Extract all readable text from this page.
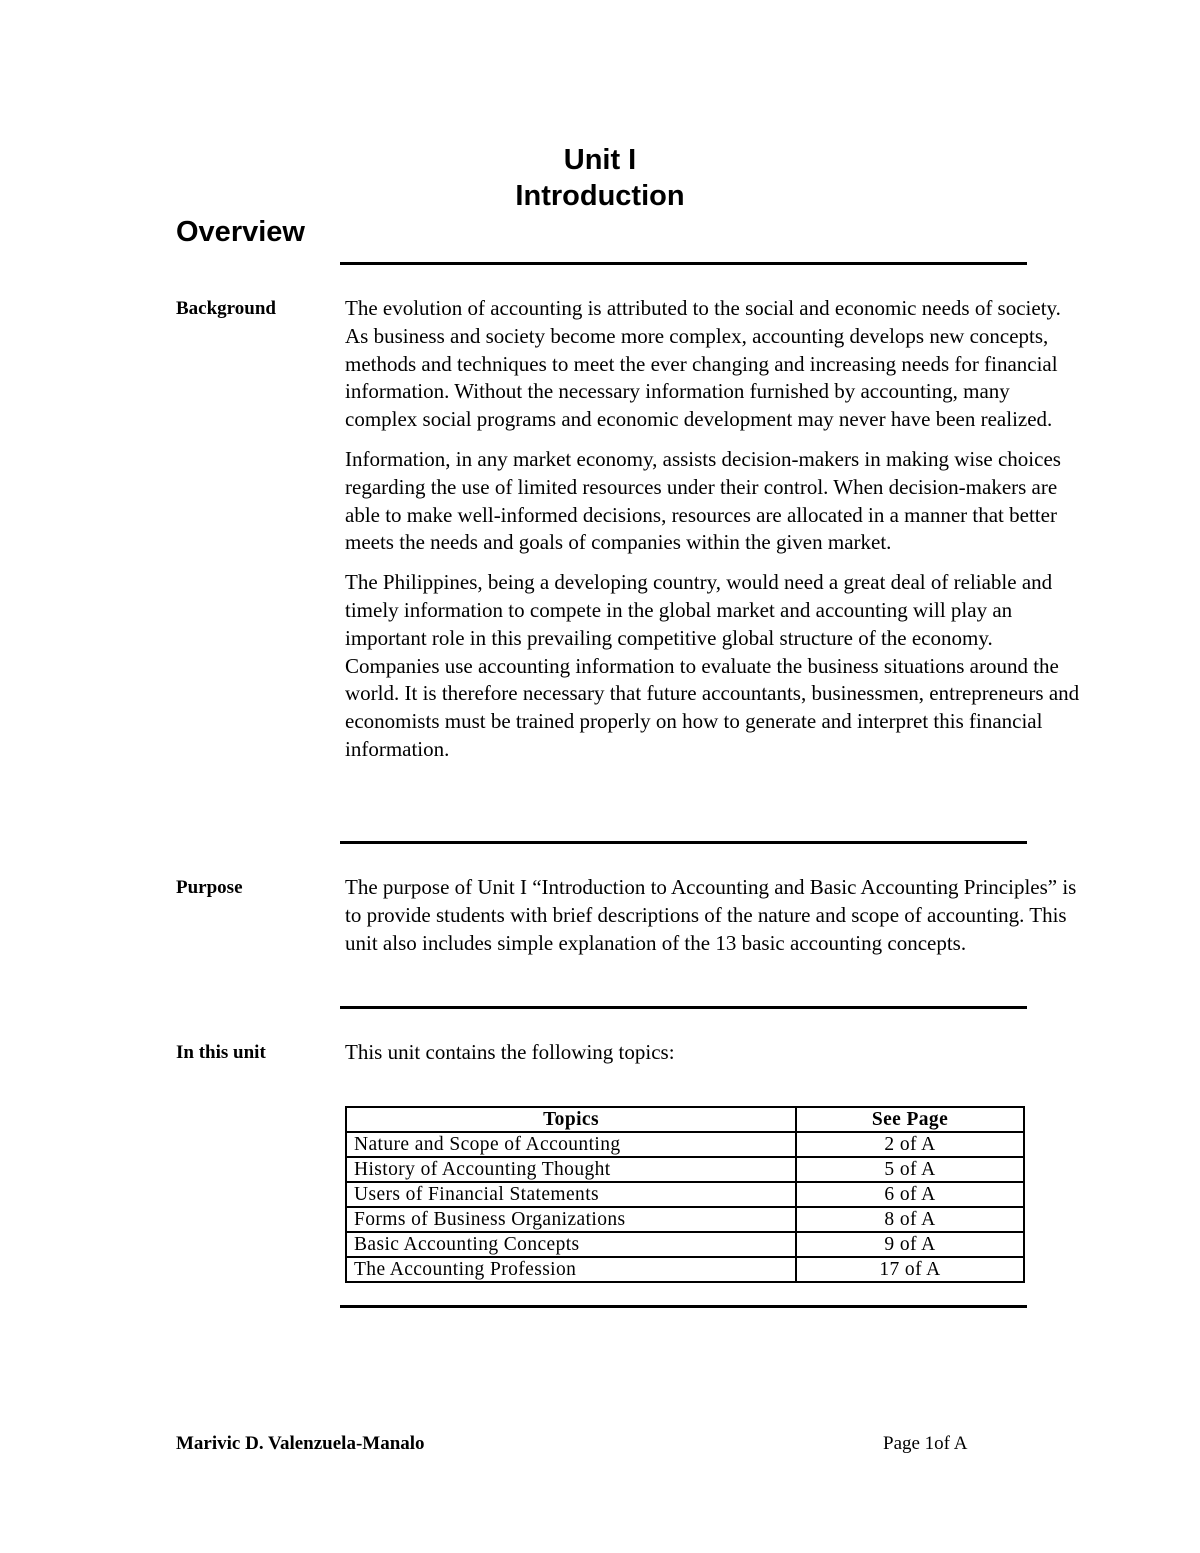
Unit I
Introduction
Overview
Background	The evolution of accounting is attributed to the social and economic needs of society. As business and society become more complex, accounting develops new concepts, methods and techniques to meet the ever changing and increasing needs for financial information. Without the necessary information furnished by accounting, many complex social programs and economic development may never have been realized.

Information, in any market economy, assists decision-makers in making wise choices regarding the use of limited resources under their control. When decision-makers are able to make well-informed decisions, resources are allocated in a manner that better meets the needs and goals of companies within the given market.

The Philippines, being a developing country, would need a great deal of reliable and timely information to compete in the global market and accounting will play an important role in this prevailing competitive global structure of the economy. Companies use accounting information to evaluate the business situations around the world. It is therefore necessary that future accountants, businessmen, entrepreneurs and economists must be trained properly on how to generate and interpret this financial information.

Purpose	The purpose of Unit I “Introduction to Accounting and Basic Accounting Principles” is to provide students with brief descriptions of the nature and scope of accounting. This unit also includes simple explanation of the 13 basic accounting concepts.
In this unit	This unit contains the following topics:
Topics	See Page
Nature and Scope of Accounting	2 of A
History of Accounting Thought	5 of A
Users of Financial Statements	6 of A
Forms of Business Organizations	8 of A
Basic Accounting Concepts	9 of A
The Accounting Profession	17 of A
Marivic D. Valenzuela-Manalo	Page 1of A
